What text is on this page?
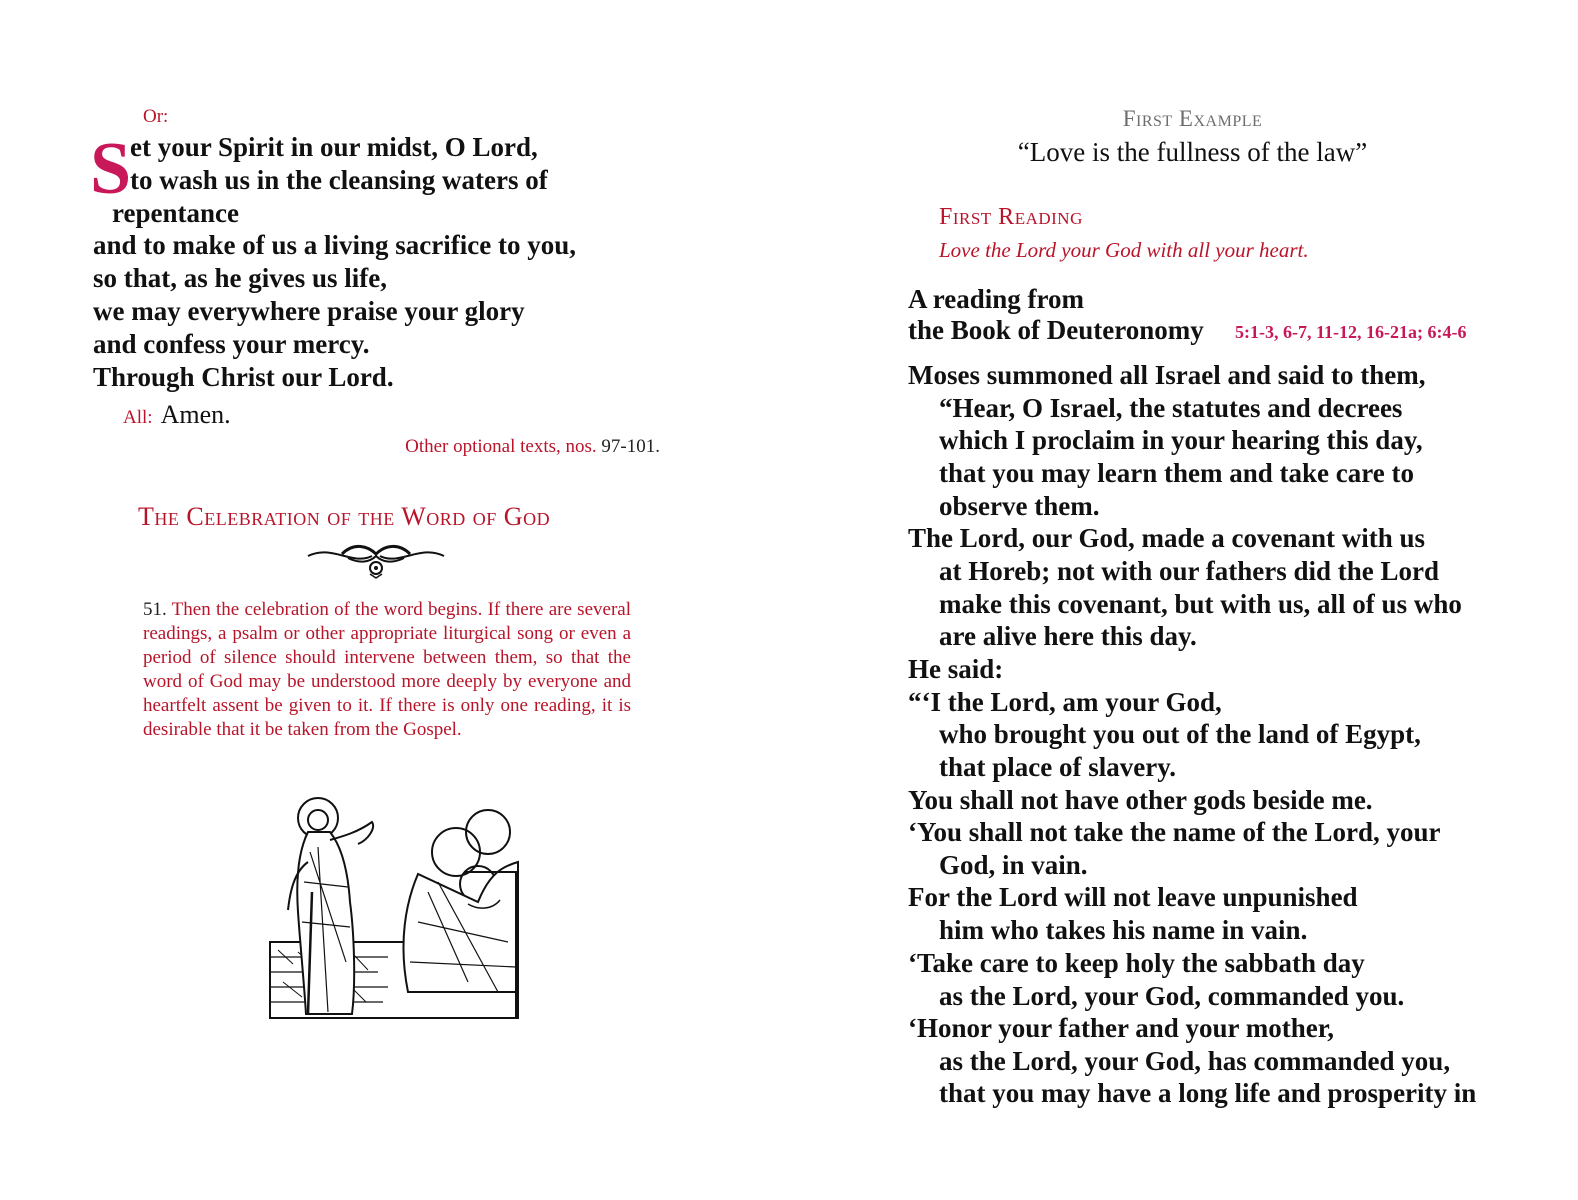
Or:
S
et your Spirit in our midst, O Lord,
to wash us in the cleansing waters of
repentance
and to make of us a living sacrifice to you,
so that, as he gives us life,
we may everywhere praise your glory
and confess your mercy.
Through Christ our Lord.
All: Amen.
Other optional texts, nos. 97-101.
The Celebration of the Word of God
51. Then the celebration of the word begins. If there are several readings, a psalm or other appropriate liturgical song or even a period of silence should intervene between them, so that the word of God may be understood more deeply by everyone and heartfelt assent be given to it. If there is only one reading, it is desirable that it be taken from the Gospel.
First Example
“Love is the fullness of the law”
First Reading
Love the Lord your God with all your heart.
A reading from
the Book of Deuteronomy 5:1-3, 6-7, 11-12, 16-21a; 6:4-6
Moses summoned all Israel and said to them,
“Hear, O Israel, the statutes and decrees
which I proclaim in your hearing this day,
that you may learn them and take care to
observe them.
The Lord, our God, made a covenant with us
at Horeb; not with our fathers did the Lord
make this covenant, but with us, all of us who
are alive here this day.
He said:
“‘I the Lord, am your God,
who brought you out of the land of Egypt,
that place of slavery.
You shall not have other gods beside me.
‘You shall not take the name of the Lord, your
God, in vain.
For the Lord will not leave unpunished
him who takes his name in vain.
‘Take care to keep holy the sabbath day
as the Lord, your God, commanded you.
‘Honor your father and your mother,
as the Lord, your God, has commanded you,
that you may have a long life and prosperity in
